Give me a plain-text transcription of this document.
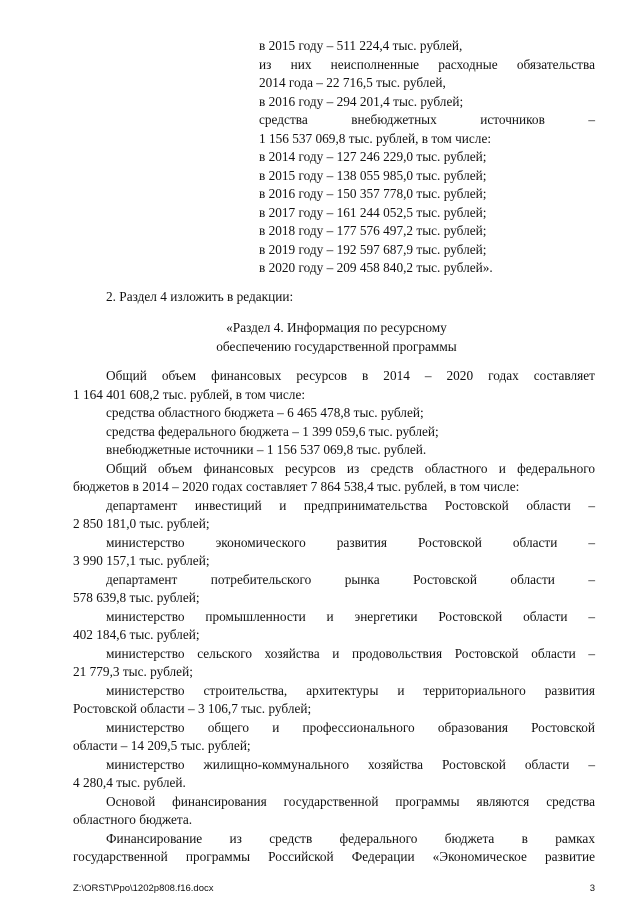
в 2015 году – 511 224,4 тыс. рублей,
из них неисполненные расходные обязательства
2014 года – 22 716,5 тыс. рублей,
в 2016 году – 294 201,4 тыс. рублей;
средства внебюджетных источников –
1 156 537 069,8 тыс. рублей, в том числе:
в 2014 году – 127 246 229,0 тыс. рублей;
в 2015 году – 138 055 985,0 тыс. рублей;
в 2016 году – 150 357 778,0 тыс. рублей;
в 2017 году – 161 244 052,5 тыс. рублей;
в 2018 году – 177 576 497,2 тыс. рублей;
в 2019 году – 192 597 687,9 тыс. рублей;
в 2020 году – 209 458 840,2 тыс. рублей».
2. Раздел 4 изложить в редакции:
«Раздел 4. Информация по ресурсному
обеспечению государственной программы
Общий объем финансовых ресурсов в 2014 – 2020 годах составляет
1 164 401 608,2 тыс. рублей, в том числе:
средства областного бюджета – 6 465 478,8 тыс. рублей;
средства федерального бюджета – 1 399 059,6 тыс. рублей;
внебюджетные источники – 1 156 537 069,8 тыс. рублей.
Общий объем финансовых ресурсов из средств областного и федерального
бюджетов в 2014 – 2020 годах составляет 7 864 538,4 тыс. рублей, в том числе:
департамент инвестиций и предпринимательства Ростовской области –
2 850 181,0 тыс. рублей;
министерство экономического развития Ростовской области –
3 990 157,1 тыс. рублей;
департамент потребительского рынка Ростовской области –
578 639,8 тыс. рублей;
министерство промышленности и энергетики Ростовской области –
402 184,6 тыс. рублей;
министерство сельского хозяйства и продовольствия Ростовской области –
21 779,3 тыс. рублей;
министерство строительства, архитектуры и территориального развития
Ростовской области – 3 106,7 тыс. рублей;
министерство общего и профессионального образования Ростовской
области – 14 209,5 тыс. рублей;
министерство жилищно-коммунального хозяйства Ростовской области –
4 280,4 тыс. рублей.
Основой финансирования государственной программы являются средства
областного бюджета.
Финансирование из средств федерального бюджета в рамках
государственной программы Российской Федерации «Экономическое развитие
Z:\ORST\Ppo\1202p808.f16.docx	3
